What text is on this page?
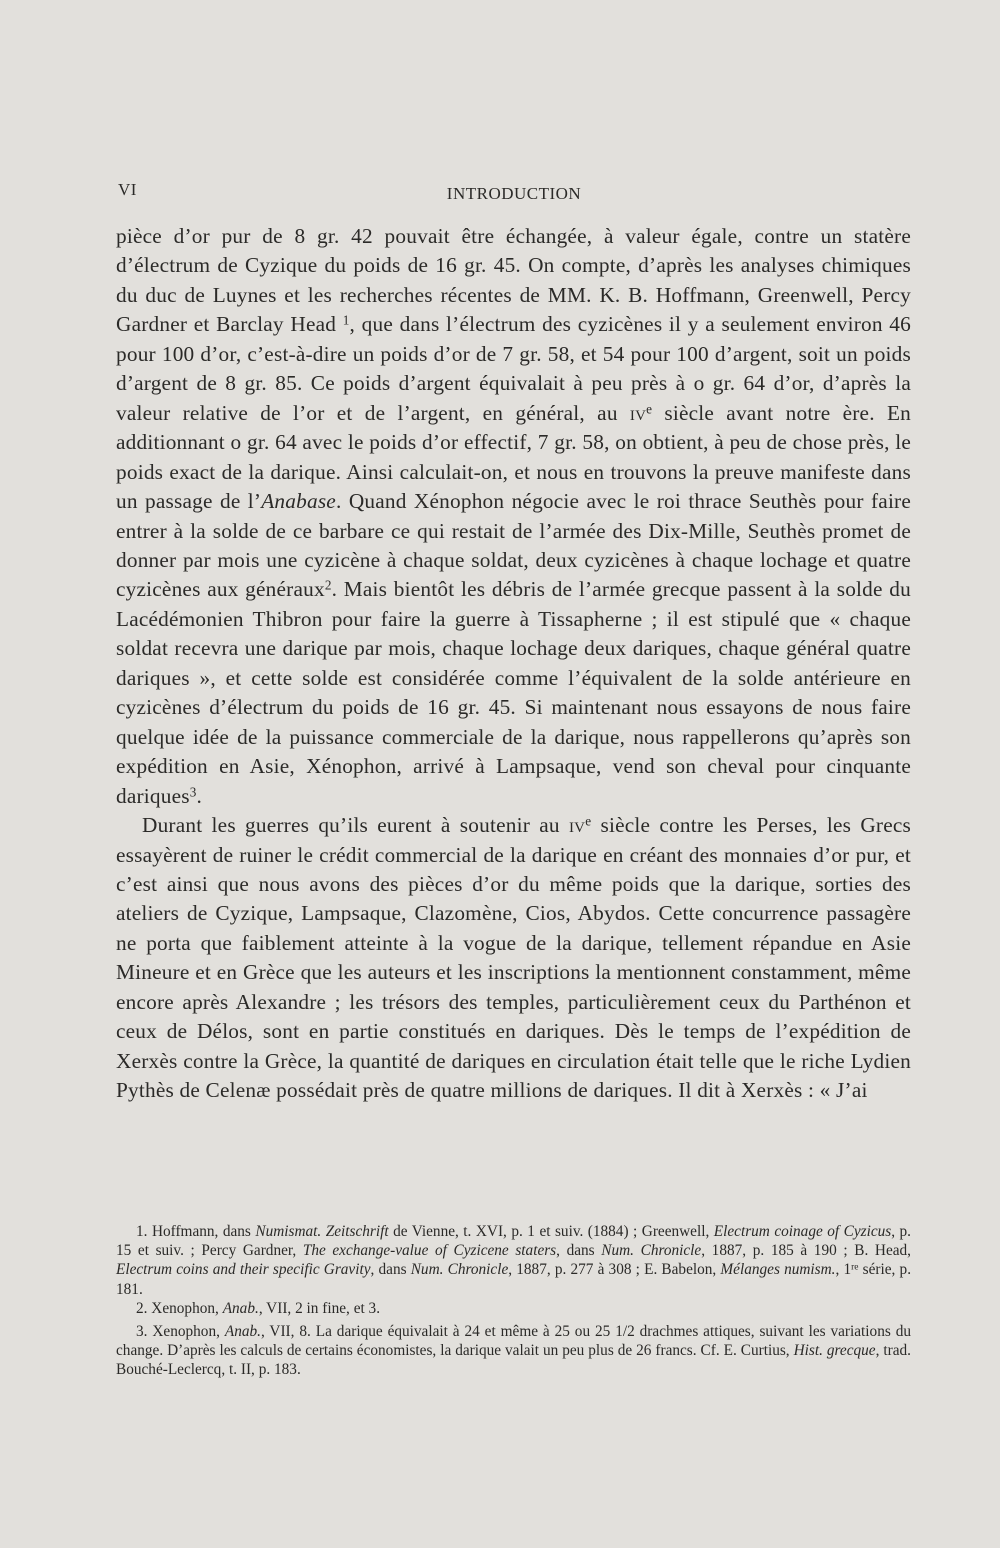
VI	INTRODUCTION

pièce d’or pur de 8 gr. 42 pouvait être échangée, à valeur égale, contre un statère d’électrum de Cyzique du poids de 16 gr. 45. On compte, d’après les analyses chimiques du duc de Luynes et les recherches récentes de MM. K. B. Hoffmann, Greenwell, Percy Gardner et Barclay Head $^1$, que dans l’électrum des cyzicènes il y a seulement environ 46 pour 100 d’or, c’est-à-dire un poids d’or de 7 gr. 58, et 54 pour 100 d’argent, soit un poids d’argent de 8 gr. 85. Ce poids d’argent équivalait à peu près à o gr. 64 d’or, d’après la valeur relative de l’or et de l’argent, en général, au $iv^e$ siècle avant notre ère. En additionnant o gr. 64 avec le poids d’or effectif, 7 gr. 58, on obtient, à peu de chose près, le poids exact de la darique. Ainsi calculait-on, et nous en trouvons la preuve manifeste dans un passage de l’Anabase. Quand Xénophon négocie avec le roi thrace Seuthès pour faire entrer à la solde de ce barbare ce qui restait de l’armée des Dix-Mille, Seuthès promet de donner par mois une cyzicène à chaque soldat, deux cyzicènes à chaque lochage et quatre cyzicènes aux généraux$^2$. Mais bientôt les débris de l’armée grecque passent à la solde du Lacédémonien Thibron pour faire la guerre à Tissapherne ; il est stipulé que « chaque soldat recevra une darique par mois, chaque lochage deux dariques, chaque général quatre dariques », et cette solde est considérée comme l’équivalent de la solde antérieure en cyzicènes d’électrum du poids de 16 gr. 45. Si maintenant nous essayons de nous faire quelque idée de la puissance commerciale de la darique, nous rappellerons qu’après son expédition en Asie, Xénophon, arrivé à Lampsaque, vend son cheval pour cinquante dariques$^3$.

Durant les guerres qu’ils eurent à soutenir au $iv^e$ siècle contre les Perses, les Grecs essayèrent de ruiner le crédit commercial de la darique en créant des monnaies d’or pur, et c’est ainsi que nous avons des pièces d’or du même poids que la darique, sorties des ateliers de Cyzique, Lampsaque, Clazomène, Cios, Abydos. Cette concurrence passagère ne porta que faiblement atteinte à la vogue de la darique, tellement répandue en Asie Mineure et en Grèce que les auteurs et les inscriptions la mentionnent constamment, même encore après Alexandre ; les trésors des temples, particulièrement ceux du Parthénon et ceux de Délos, sont en partie constitués en dariques. Dès le temps de l’expédition de Xerxès contre la Grèce, la quantité de dariques en circulation était telle que le riche Lydien Pythès de Celenæ possédait près de quatre millions de dariques. Il dit à Xerxès : « J’ai

1. Hoffmann, dans Numismat. Zeitschrift de Vienne, t. XVI, p. 1 et suiv. (1884) ; Greenwell, Electrum coinage of Cyzicus, p. 15 et suiv. ; Percy Gardner, The exchange-value of Cyzicene staters, dans Num. Chronicle, 1887, p. 185 à 190 ; B. Head, Electrum coins and their specific Gravity, dans Num. Chronicle, 1887, p. 277 à 308 ; E. Babelon, Mélanges numism., 1re série, p. 181.

2. Xenophon, Anab., VII, 2 in fine, et 3.

3. Xenophon, Anab., VII, 8. La darique équivalait à 24 et même à 25 ou 25 1/2 drachmes attiques, suivant les variations du change. D’après les calculs de certains économistes, la darique valait un peu plus de 26 francs. Cf. E. Curtius, Hist. grecque, trad. Bouché-Leclercq, t. II, p. 183.
